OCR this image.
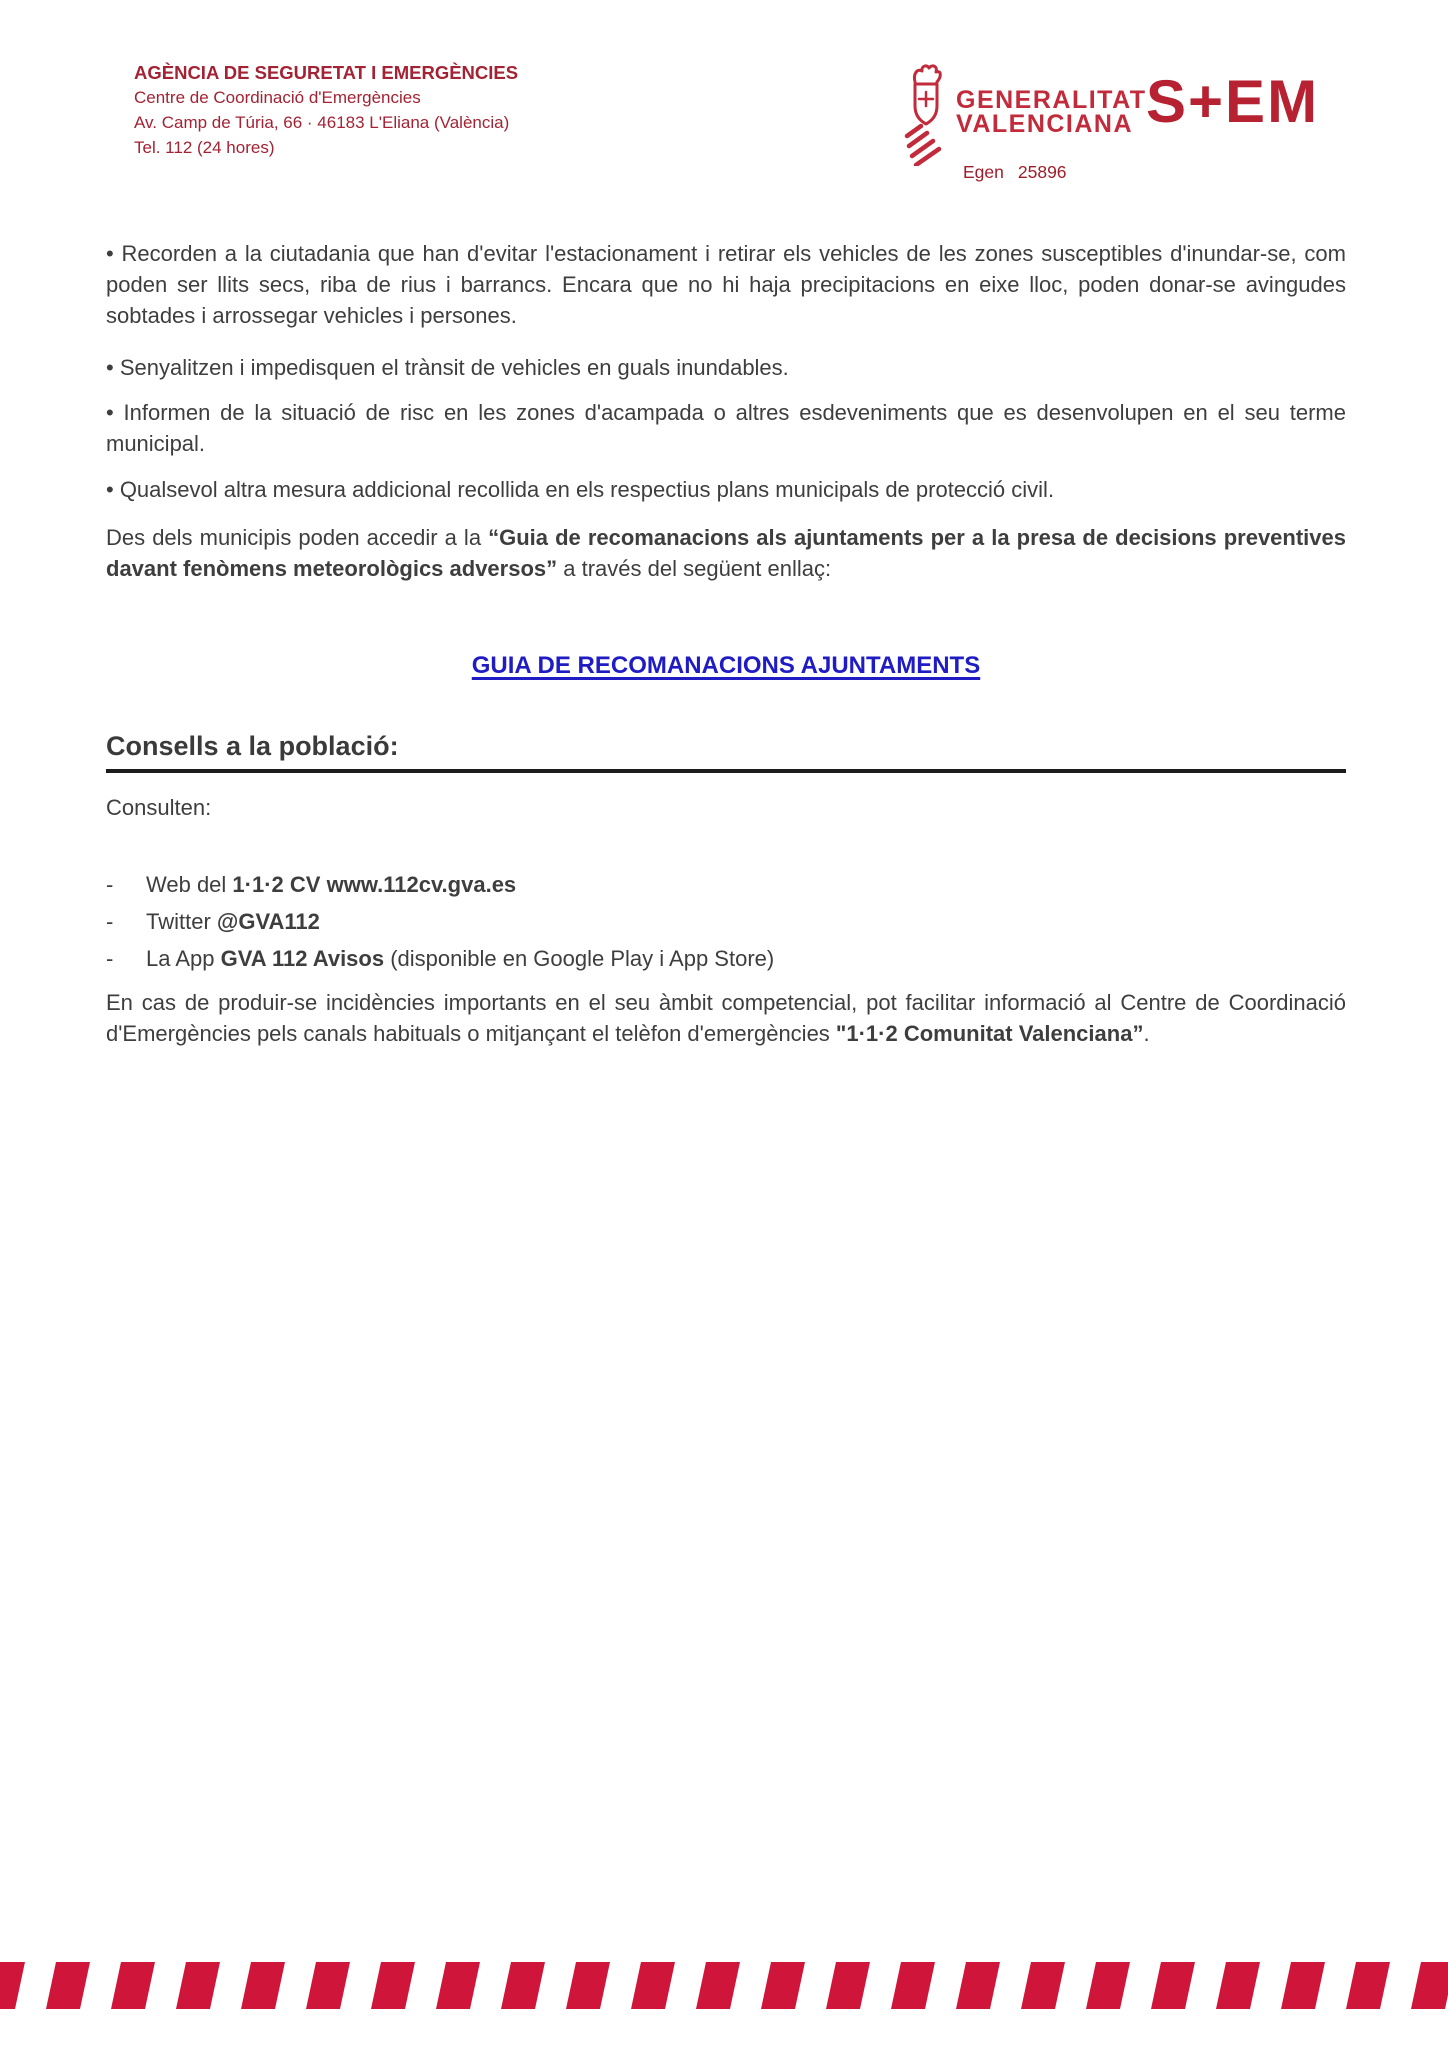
AGÈNCIA DE SEGURETAT I EMERGÈNCIES
Centre de Coordinació d'Emergències
Av. Camp de Túria, 66 · 46183 L'Eliana (València)
Tel. 112 (24 hores)
GENERALITAT
VALENCIANA S+EM
Egen 25896

• Recorden a la ciutadania que han d'evitar l'estacionament i retirar els vehicles de les zones susceptibles d'inundar-se, com poden ser llits secs, riba de rius i barrancs. Encara que no hi haja precipitacions en eixe lloc, poden donar-se avingudes sobtades i arrossegar vehicles i persones.

• Senyalitzen i impedisquen el trànsit de vehicles en guals inundables.

• Informen de la situació de risc en les zones d'acampada o altres esdeveniments que es desenvolupen en el seu terme municipal.

• Qualsevol altra mesura addicional recollida en els respectius plans municipals de protecció civil.

Des dels municipis poden accedir a la “Guia de recomanacions als ajuntaments per a la presa de decisions preventives davant fenòmens meteorològics adversos” a través del següent enllaç:

GUIA DE RECOMANACIONS AJUNTAMENTS
Consells a la població:

Consulten:

-	Web del 1·1·2 CV www.112cv.gva.es
-	Twitter @GVA112
-	La App GVA 112 Avisos (disponible en Google Play i App Store)

En cas de produir-se incidències importants en el seu àmbit competencial, pot facilitar informació al Centre de Coordinació d'Emergències pels canals habituals o mitjançant el telèfon d'emergències "1·1·2 Comunitat Valenciana”.
